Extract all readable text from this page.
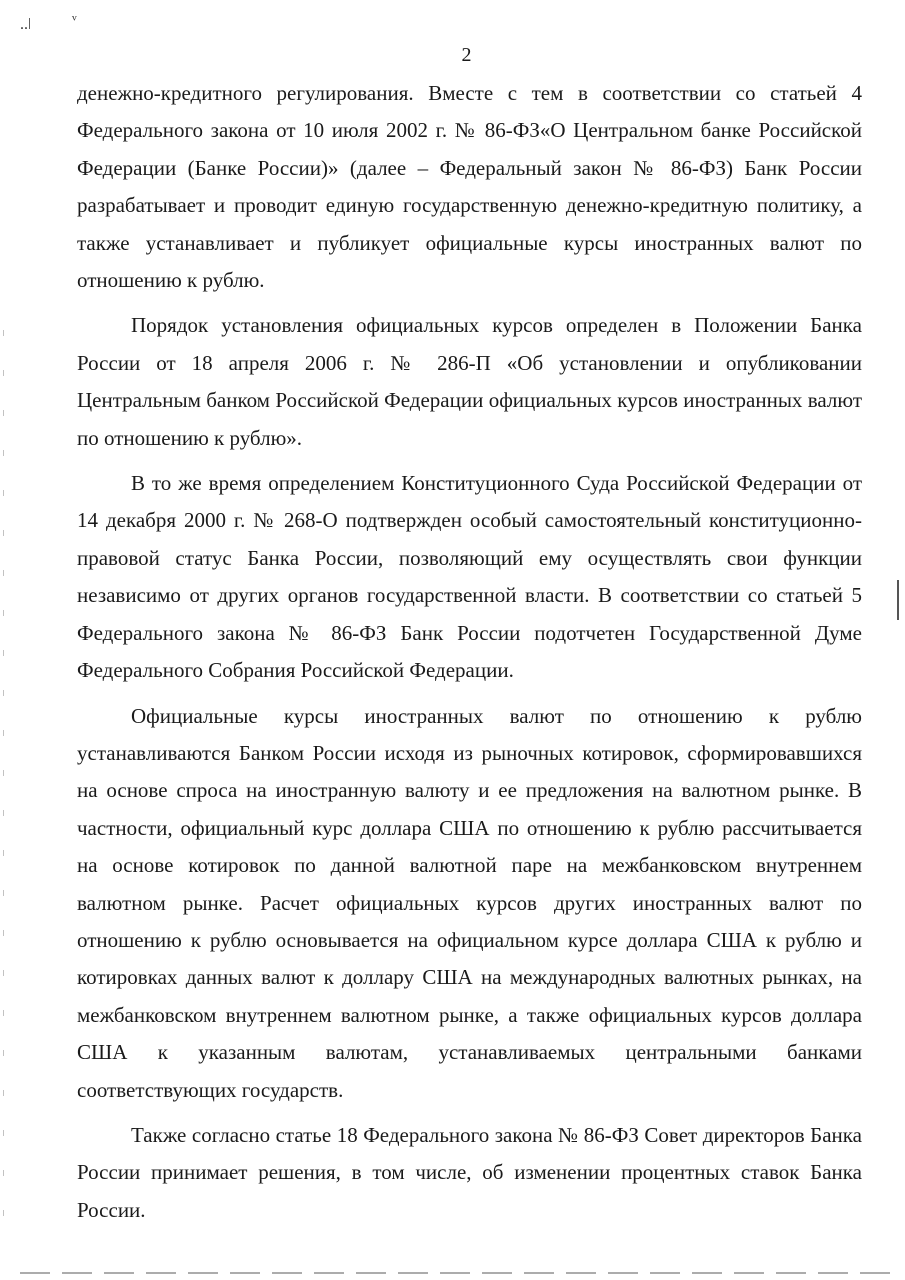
..ǀ	ᵛ
2

денежно-кредитного регулирования. Вместе с тем в соответствии со статьей 4 Федерального закона от 10 июля 2002 г. № 86-ФЗ«О Центральном банке Российской Федерации (Банке России)» (далее – Федеральный закон № 86-ФЗ) Банк России разрабатывает и проводит единую государственную денежно-кредитную политику, а также устанавливает и публикует официальные курсы иностранных валют по отношению к рублю.

Порядок установления официальных курсов определен в Положении Банка России от 18 апреля 2006 г. № 286-П «Об установлении и опубликовании Центральным банком Российской Федерации официальных курсов иностранных валют по отношению к рублю».

В то же время определением Конституционного Суда Российской Федерации от 14 декабря 2000 г. № 268-О подтвержден особый самостоятельный конституционно-правовой статус Банка России, позволяющий ему осуществлять свои функции независимо от других органов государственной власти. В соответствии со статьей 5 Федерального закона № 86-ФЗ Банк России подотчетен Государственной Думе Федерального Собрания Российской Федерации.

Официальные курсы иностранных валют по отношению к рублю устанавливаются Банком России исходя из рыночных котировок, сформировавшихся на основе спроса на иностранную валюту и ее предложения на валютном рынке. В частности, официальный курс доллара США по отношению к рублю рассчитывается на основе котировок по данной валютной паре на межбанковском внутреннем валютном рынке. Расчет официальных курсов других иностранных валют по отношению к рублю основывается на официальном курсе доллара США к рублю и котировках данных валют к доллару США на международных валютных рынках, на межбанковском внутреннем валютном рынке, а также официальных курсов доллара США к указанным валютам, устанавливаемых центральными банками соответствующих государств.

Также согласно статье 18 Федерального закона № 86-ФЗ Совет директоров Банка России принимает решения, в том числе, об изменении процентных ставок Банка России.
